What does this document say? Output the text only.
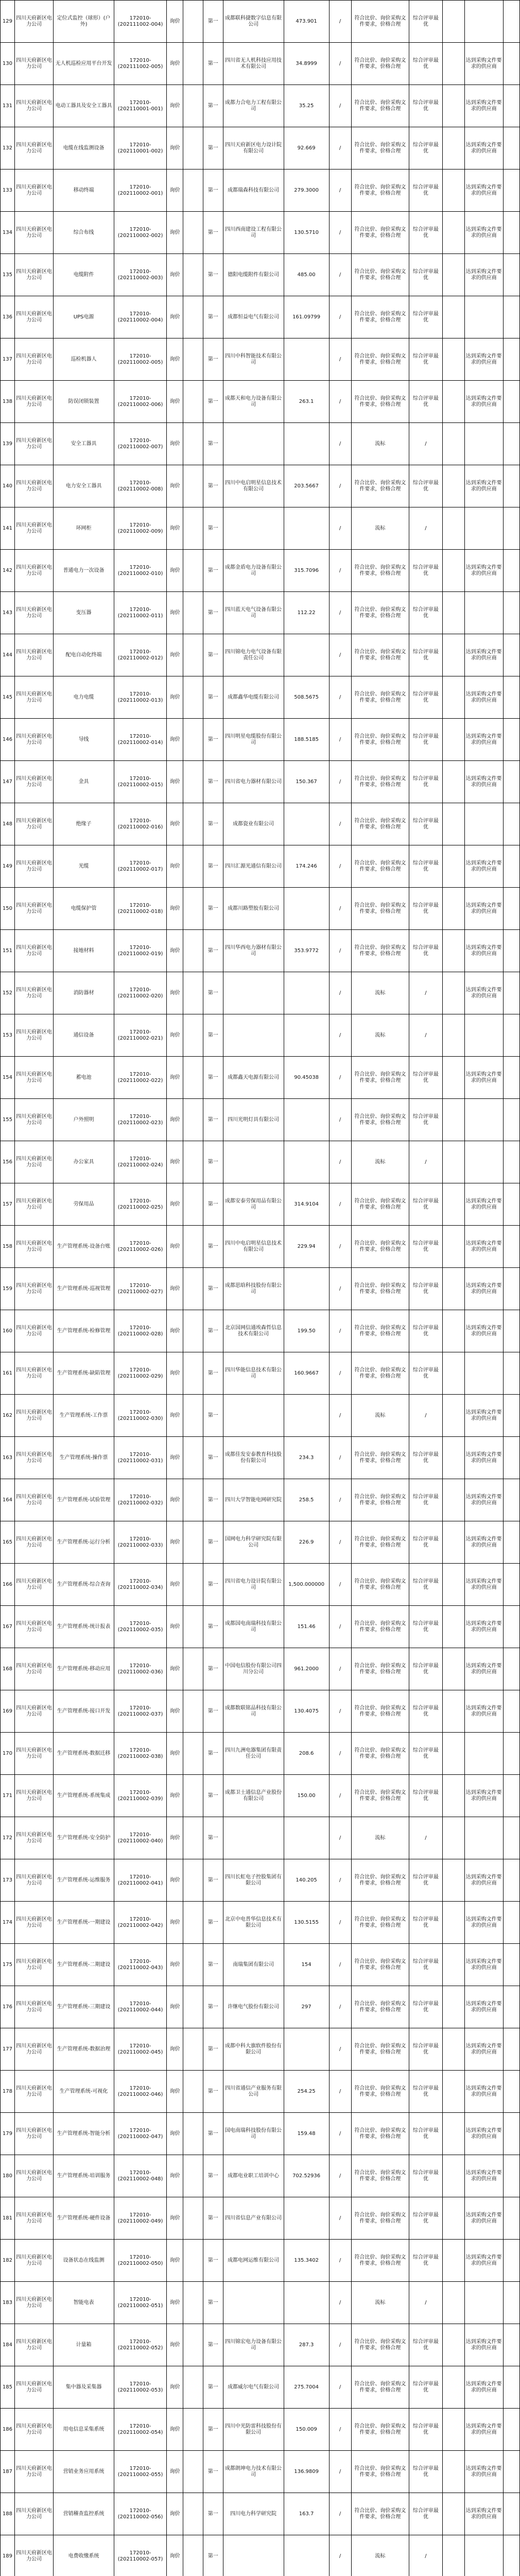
129	四川天府新区电力公司	定位式监控（球形）(户外)	172010-(202111002-004)	询价		第一	成都联科捷数字信息有限公司	473.901	/	符合比价、询价采购文件要求，价格合理	综合评审最优			
130	四川天府新区电力公司	无人机巡检应用平台开发	172010-(202111002-005)	询价		第一	四川省无人机科技应用技术有限公司	34.8999	/	符合比价、询价采购文件要求，价格合理	综合评审最优		达到采购文件要求的供应商	
131	四川天府新区电力公司	电动工器具及安全工器具	172010-(202110001-001)	询价		第一	成都力合电力工程有限公司	35.25	/	符合比价、询价采购文件要求，价格合理	综合评审最优		达到采购文件要求的供应商	
132	四川天府新区电力公司	电缆在线监测设备	172010-(202110001-002)	询价		第一	四川天府新区电力设计院有限公司	92.669	/	符合比价、询价采购文件要求，价格合理	综合评审最优		达到采购文件要求的供应商	
133	四川天府新区电力公司	移动终端	172010-(202110002-001)	询价		第一	成都瑞森科技有限公司	279.3000	/	符合比价、询价采购文件要求，价格合理	综合评审最优		达到采购文件要求的供应商	
134	四川天府新区电力公司	综合布线	172010-(202110002-002)	询价		第一	四川西南建设工程有限公司	130.5710	/	符合比价、询价采购文件要求，价格合理	综合评审最优		达到采购文件要求的供应商	
135	四川天府新区电力公司	电缆附件	172010-(202110002-003)	询价		第一	德阳电缆附件有限公司	485.00	/	符合比价、询价采购文件要求，价格合理	综合评审最优		达到采购文件要求的供应商	
136	四川天府新区电力公司	UPS电源	172010-(202110002-004)	询价		第一	成都恒益电气有限公司	161.09799	/	符合比价、询价采购文件要求，价格合理	综合评审最优			
137	四川天府新区电力公司	巡检机器人	172010-(202110002-005)	询价		第一	四川中科智能技术有限公司		/	符合比价、询价采购文件要求，价格合理	综合评审最优		达到采购文件要求的供应商	
138	四川天府新区电力公司	防误闭锁装置	172010-(202110002-006)	询价		第一	成都天和电力设备有限公司	263.1	/	符合比价、询价采购文件要求，价格合理	综合评审最优		达到采购文件要求的供应商	
139	四川天府新区电力公司	安全工器具	172010-(202110002-007)	询价		第一			/	流标	/			
140	四川天府新区电力公司	电力安全工器具	172010-(202110002-008)	询价		第一	四川中电启明星信息技术有限公司	203.5667	/	符合比价、询价采购文件要求，价格合理	综合评审最优		达到采购文件要求的供应商	
141	四川天府新区电力公司	环网柜	172010-(202110002-009)	询价		第一			/	流标	/			
142	四川天府新区电力公司	普通电力一次设备	172010-(202110002-010)	询价		第一	成都金盾电力设备有限公司	315.7096	/	符合比价、询价采购文件要求，价格合理	综合评审最优		达到采购文件要求的供应商	
143	四川天府新区电力公司	变压器	172010-(202110002-011)	询价		第一	四川蓝天电气设备有限公司	112.22	/	符合比价、询价采购文件要求，价格合理	综合评审最优			
144	四川天府新区电力公司	配电自动化终端	172010-(202110002-012)	询价		第一	四川锦电力电气设备有限责任公司		/	符合比价、询价采购文件要求，价格合理	综合评审最优		达到采购文件要求的供应商	
145	四川天府新区电力公司	电力电缆	172010-(202110002-013)	询价		第一	成都鑫华电缆有限公司	508.5675	/	符合比价、询价采购文件要求，价格合理	综合评审最优		达到采购文件要求的供应商	
146	四川天府新区电力公司	导线	172010-(202110002-014)	询价		第一	四川明星电缆股份有限公司	188.5185	/	符合比价、询价采购文件要求，价格合理	综合评审最优		达到采购文件要求的供应商	
147	四川天府新区电力公司	金具	172010-(202110002-015)	询价		第一	四川省电力器材有限公司	150.367	/	符合比价、询价采购文件要求，价格合理	综合评审最优		达到采购文件要求的供应商	
148	四川天府新区电力公司	绝缘子	172010-(202110002-016)	询价		第一	成都瓷业有限公司		/	符合比价、询价采购文件要求，价格合理	综合评审最优			
149	四川天府新区电力公司	光缆	172010-(202110002-017)	询价		第一	四川汇源光通信有限公司	174.246	/	符合比价、询价采购文件要求，价格合理	综合评审最优		达到采购文件要求的供应商	
150	四川天府新区电力公司	电缆保护管	172010-(202110002-018)	询价		第一	成都川路塑胶有限公司		/	符合比价、询价采购文件要求，价格合理	综合评审最优		达到采购文件要求的供应商	
151	四川天府新区电力公司	接地材料	172010-(202110002-019)	询价		第一	四川华西电力器材有限公司	353.9772	/	符合比价、询价采购文件要求，价格合理	综合评审最优		达到采购文件要求的供应商	
152	四川天府新区电力公司	消防器材	172010-(202110002-020)	询价		第一			/	流标	/		达到采购文件要求的供应商	
153	四川天府新区电力公司	通信设备	172010-(202110002-021)	询价		第一			/	流标	/			
154	四川天府新区电力公司	蓄电池	172010-(202110002-022)	询价		第一	成都鑫天电源有限公司	90.45038	/	符合比价、询价采购文件要求，价格合理	综合评审最优		达到采购文件要求的供应商	
155	四川天府新区电力公司	户外照明	172010-(202110002-023)	询价		第一	四川光明灯具有限公司		/	符合比价、询价采购文件要求，价格合理	综合评审最优			
156	四川天府新区电力公司	办公家具	172010-(202110002-024)	询价		第一			/	流标	/			
157	四川天府新区电力公司	劳保用品	172010-(202110002-025)	询价		第一	成都安泰劳保用品有限公司	314.9104	/	符合比价、询价采购文件要求，价格合理	综合评审最优		达到采购文件要求的供应商	
158	四川天府新区电力公司	生产管理系统-设备台账	172010-(202110002-026)	询价		第一	四川中电启明星信息技术有限公司	229.94	/	符合比价、询价采购文件要求，价格合理	综合评审最优		达到采购文件要求的供应商	
159	四川天府新区电力公司	生产管理系统-巡视管理	172010-(202110002-027)	询价		第一	成都思晗科技股份有限公司		/	符合比价、询价采购文件要求，价格合理	综合评审最优		达到采购文件要求的供应商	
160	四川天府新区电力公司	生产管理系统-检修管理	172010-(202110002-028)	询价		第一	北京国网信通埃森哲信息技术有限公司	199.50	/	符合比价、询价采购文件要求，价格合理	综合评审最优		达到采购文件要求的供应商	
161	四川天府新区电力公司	生产管理系统-缺陷管理	172010-(202110002-029)	询价		第一	四川华能信息技术有限公司	160.9667	/	符合比价、询价采购文件要求，价格合理	综合评审最优			
162	四川天府新区电力公司	生产管理系统-工作票	172010-(202110002-030)	询价		第一			/	流标	/		达到采购文件要求的供应商	
163	四川天府新区电力公司	生产管理系统-操作票	172010-(202110002-031)	询价		第一	成都佳发安泰教育科技股份有限公司	234.3	/	符合比价、询价采购文件要求，价格合理	综合评审最优		达到采购文件要求的供应商	
164	四川天府新区电力公司	生产管理系统-试验管理	172010-(202110002-032)	询价		第一	四川大学智能电网研究院	258.5	/	符合比价、询价采购文件要求，价格合理	综合评审最优		达到采购文件要求的供应商	
165	四川天府新区电力公司	生产管理系统-运行分析	172010-(202110002-033)	询价		第一	国网电力科学研究院有限公司	226.9	/	符合比价、询价采购文件要求，价格合理	综合评审最优		达到采购文件要求的供应商	
166	四川天府新区电力公司	生产管理系统-综合查询	172010-(202110002-034)	询价		第一	四川省电力设计院有限公司	1,500.000000	/	符合比价、询价采购文件要求，价格合理	综合评审最优		达到采购文件要求的供应商	
167	四川天府新区电力公司	生产管理系统-统计报表	172010-(202110002-035)	询价		第一	成都国电南瑞科技有限公司	151.46	/	符合比价、询价采购文件要求，价格合理	综合评审最优		达到采购文件要求的供应商	
168	四川天府新区电力公司	生产管理系统-移动应用	172010-(202110002-036)	询价		第一	中国电信股份有限公司四川分公司	961.2000	/	符合比价、询价采购文件要求，价格合理	综合评审最优		达到采购文件要求的供应商	
169	四川天府新区电力公司	生产管理系统-接口开发	172010-(202110002-037)	询价		第一	成都数联铭品科技有限公司	130.4075	/	符合比价、询价采购文件要求，价格合理	综合评审最优		达到采购文件要求的供应商	
170	四川天府新区电力公司	生产管理系统-数据迁移	172010-(202110002-038)	询价		第一	四川九洲电器集团有限责任公司	208.6	/	符合比价、询价采购文件要求，价格合理	综合评审最优			
171	四川天府新区电力公司	生产管理系统-系统集成	172010-(202110002-039)	询价		第一	成都卫士通信息产业股份有限公司	150.00	/	符合比价、询价采购文件要求，价格合理	综合评审最优		达到采购文件要求的供应商	
172	四川天府新区电力公司	生产管理系统-安全防护	172010-(202110002-040)	询价		第一			/	流标	/			
173	四川天府新区电力公司	生产管理系统-运维服务	172010-(202110002-041)	询价		第一	四川长虹电子控股集团有限公司	140.205	/	符合比价、询价采购文件要求，价格合理	综合评审最优		达到采购文件要求的供应商	
174	四川天府新区电力公司	生产管理系统-一期建设	172010-(202110002-042)	询价		第一	北京中电普华信息技术有限公司	130.5155	/	符合比价、询价采购文件要求，价格合理	综合评审最优		达到采购文件要求的供应商	
175	四川天府新区电力公司	生产管理系统-二期建设	172010-(202110002-043)	询价		第一	南瑞集团有限公司	154	/	符合比价、询价采购文件要求，价格合理	综合评审最优		达到采购文件要求的供应商	
176	四川天府新区电力公司	生产管理系统-三期建设	172010-(202110002-044)	询价		第一	许继电气股份有限公司	297	/	符合比价、询价采购文件要求，价格合理	综合评审最优		达到采购文件要求的供应商	
177	四川天府新区电力公司	生产管理系统-数据治理	172010-(202110002-045)	询价		第一	成都中科大旗软件股份有限公司		/	符合比价、询价采购文件要求，价格合理	综合评审最优		达到采购文件要求的供应商	
178	四川天府新区电力公司	生产管理系统-可视化	172010-(202110002-046)	询价		第一	四川省通信产业服务有限公司	254.25	/	符合比价、询价采购文件要求，价格合理	综合评审最优		达到采购文件要求的供应商	
179	四川天府新区电力公司	生产管理系统-智能分析	172010-(202110002-047)	询价		第一	国电南瑞科技股份有限公司	159.48	/	符合比价、询价采购文件要求，价格合理	综合评审最优		达到采购文件要求的供应商	
180	四川天府新区电力公司	生产管理系统-培训服务	172010-(202110002-048)	询价		第一	成都电业职工培训中心	702.52936	/	符合比价、询价采购文件要求，价格合理	综合评审最优		达到采购文件要求的供应商	
181	四川天府新区电力公司	生产管理系统-硬件设备	172010-(202110002-049)	询价		第一	四川省信息产业有限公司		/	符合比价、询价采购文件要求，价格合理	综合评审最优		达到采购文件要求的供应商	
182	四川天府新区电力公司	设备状态在线监测	172010-(202110002-050)	询价		第一	成都电网运维有限公司	135.3402	/	符合比价、询价采购文件要求，价格合理	综合评审最优		达到采购文件要求的供应商	
183	四川天府新区电力公司	智能电表	172010-(202110002-051)	询价		第一			/	流标	/			
184	四川天府新区电力公司	计量箱	172010-(202110002-052)	询价		第一	四川锦宏电力设备有限公司	287.3	/	符合比价、询价采购文件要求，价格合理	综合评审最优		达到采购文件要求的供应商	
185	四川天府新区电力公司	集中器及采集器	172010-(202110002-053)	询价		第一	成都威尔电气有限公司	275.7004	/	符合比价、询价采购文件要求，价格合理	综合评审最优		达到采购文件要求的供应商	
186	四川天府新区电力公司	用电信息采集系统	172010-(202110002-054)	询价		第一	四川中光防雷科技股份有限公司	150.009	/	符合比价、询价采购文件要求，价格合理	综合评审最优		达到采购文件要求的供应商	
187	四川天府新区电力公司	营销业务应用系统	172010-(202110002-055)	询价		第一	成都朗坤电力技术有限公司	136.9809	/	符合比价、询价采购文件要求，价格合理	综合评审最优		达到采购文件要求的供应商	
188	四川天府新区电力公司	营销稽查监控系统	172010-(202110002-056)	询价		第一	四川电力科学研究院	163.7	/	符合比价、询价采购文件要求，价格合理	综合评审最优		达到采购文件要求的供应商	
189	四川天府新区电力公司	电费收缴系统	172010-(202110002-057)	询价		第一			/	流标	/			
